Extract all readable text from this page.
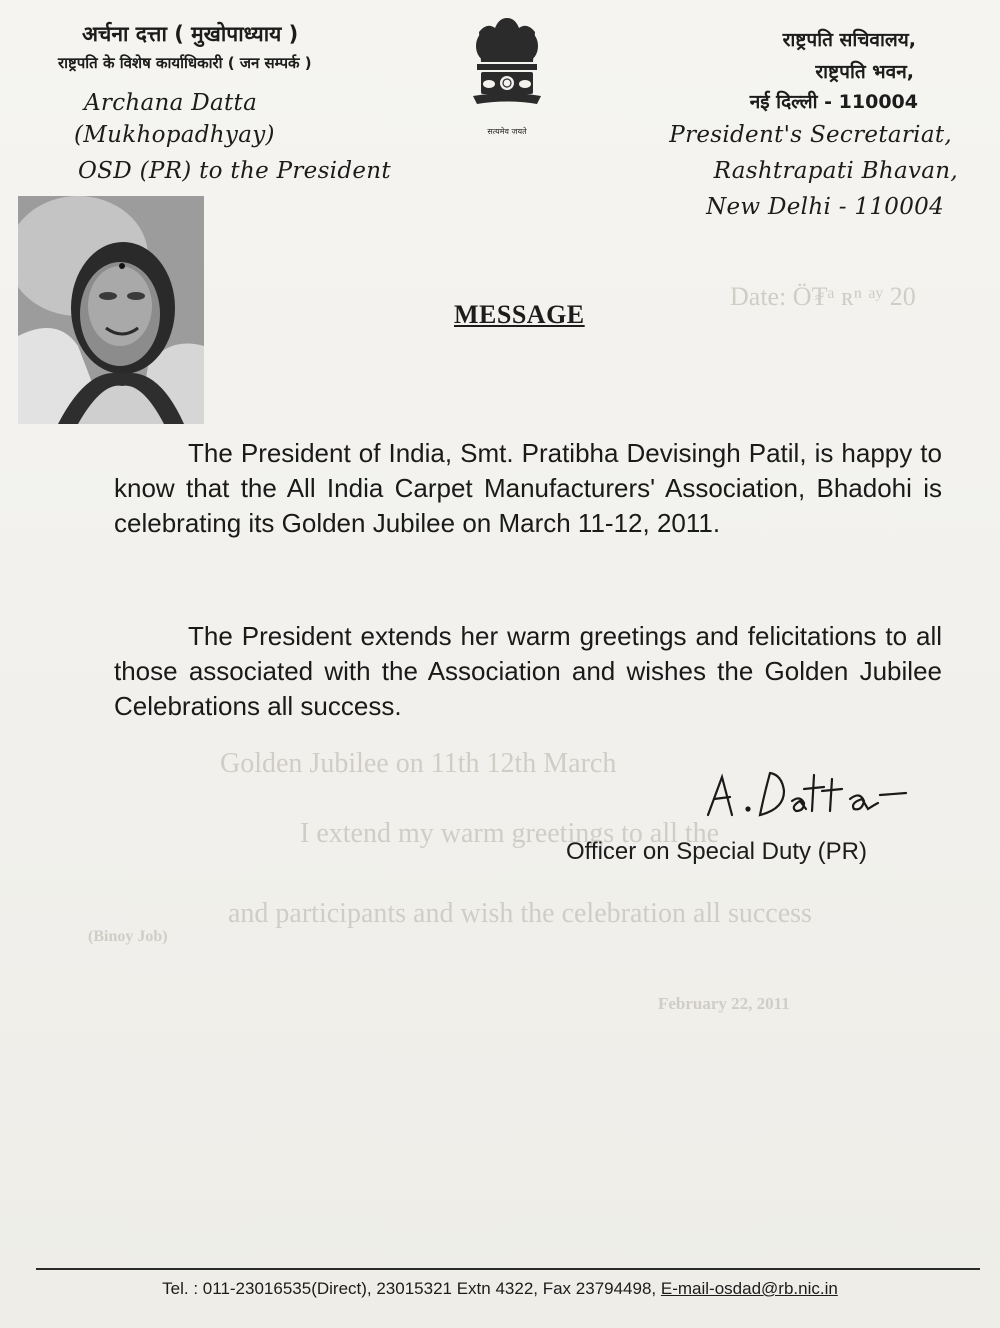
Date: Ӧ₮ᵃ ʀⁿ ᵃʸ 20
Golden Jubilee on 11th 12th March
I extend my warm greetings to all the
and participants and wish the celebration all success
(Binoy Job)
February 22, 2011
अर्चना दत्ता ( मुखोपाध्याय )
राष्ट्रपति के विशेष कार्याधिकारी ( जन सम्पर्क )
Archana Datta
(Mukhopadhyay)
OSD (PR) to the President
सत्यमेव जयते
राष्ट्रपति सचिवालय,
राष्ट्रपति भवन,
नई दिल्ली - 110004
President's Secretariat,
Rashtrapati Bhavan,
New Delhi - 110004
MESSAGE
The President of India, Smt. Pratibha Devisingh Patil, is happy to know that the All India Carpet Manufacturers' Association, Bhadohi is celebrating its Golden Jubilee on March 11-12, 2011.
The President extends her warm greetings and felicitations to all those associated with the Association and wishes the Golden Jubilee Celebrations all success.
A. Datta
Officer on Special Duty (PR)
Tel. : 011-23016535(Direct), 23015321 Extn 4322, Fax 23794498, E-mail-osdad@rb.nic.in
